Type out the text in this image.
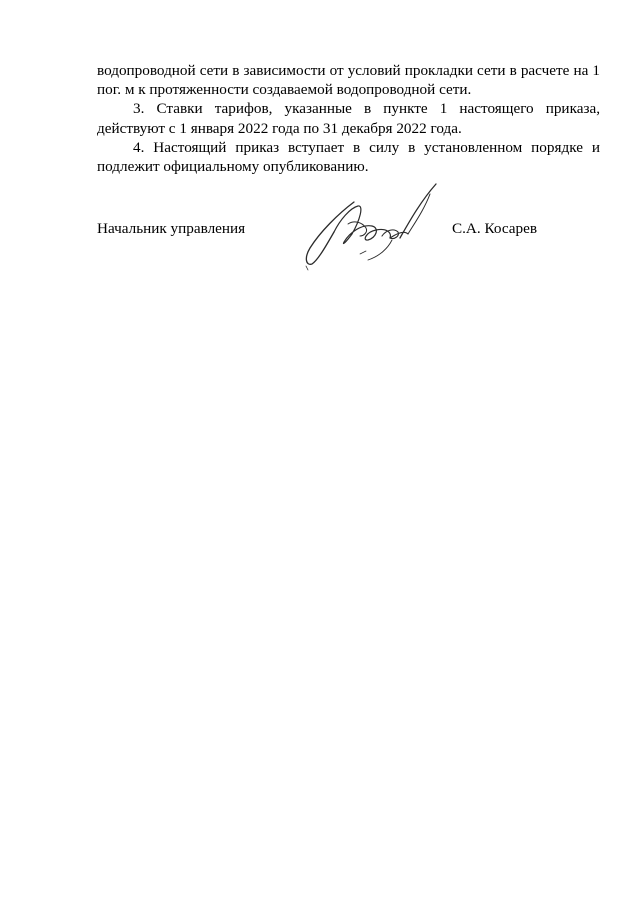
водопроводной сети в зависимости от условий прокладки сети в расчете на 1 пог. м к протяженности создаваемой водопроводной сети.

3. Ставки тарифов, указанные в пункте 1 настоящего приказа, действуют с 1 января 2022 года по 31 декабря 2022 года.

4. Настоящий приказ вступает в силу в установленном порядке и подлежит официальному опубликованию.

Начальник управления	С.А. Косарев
